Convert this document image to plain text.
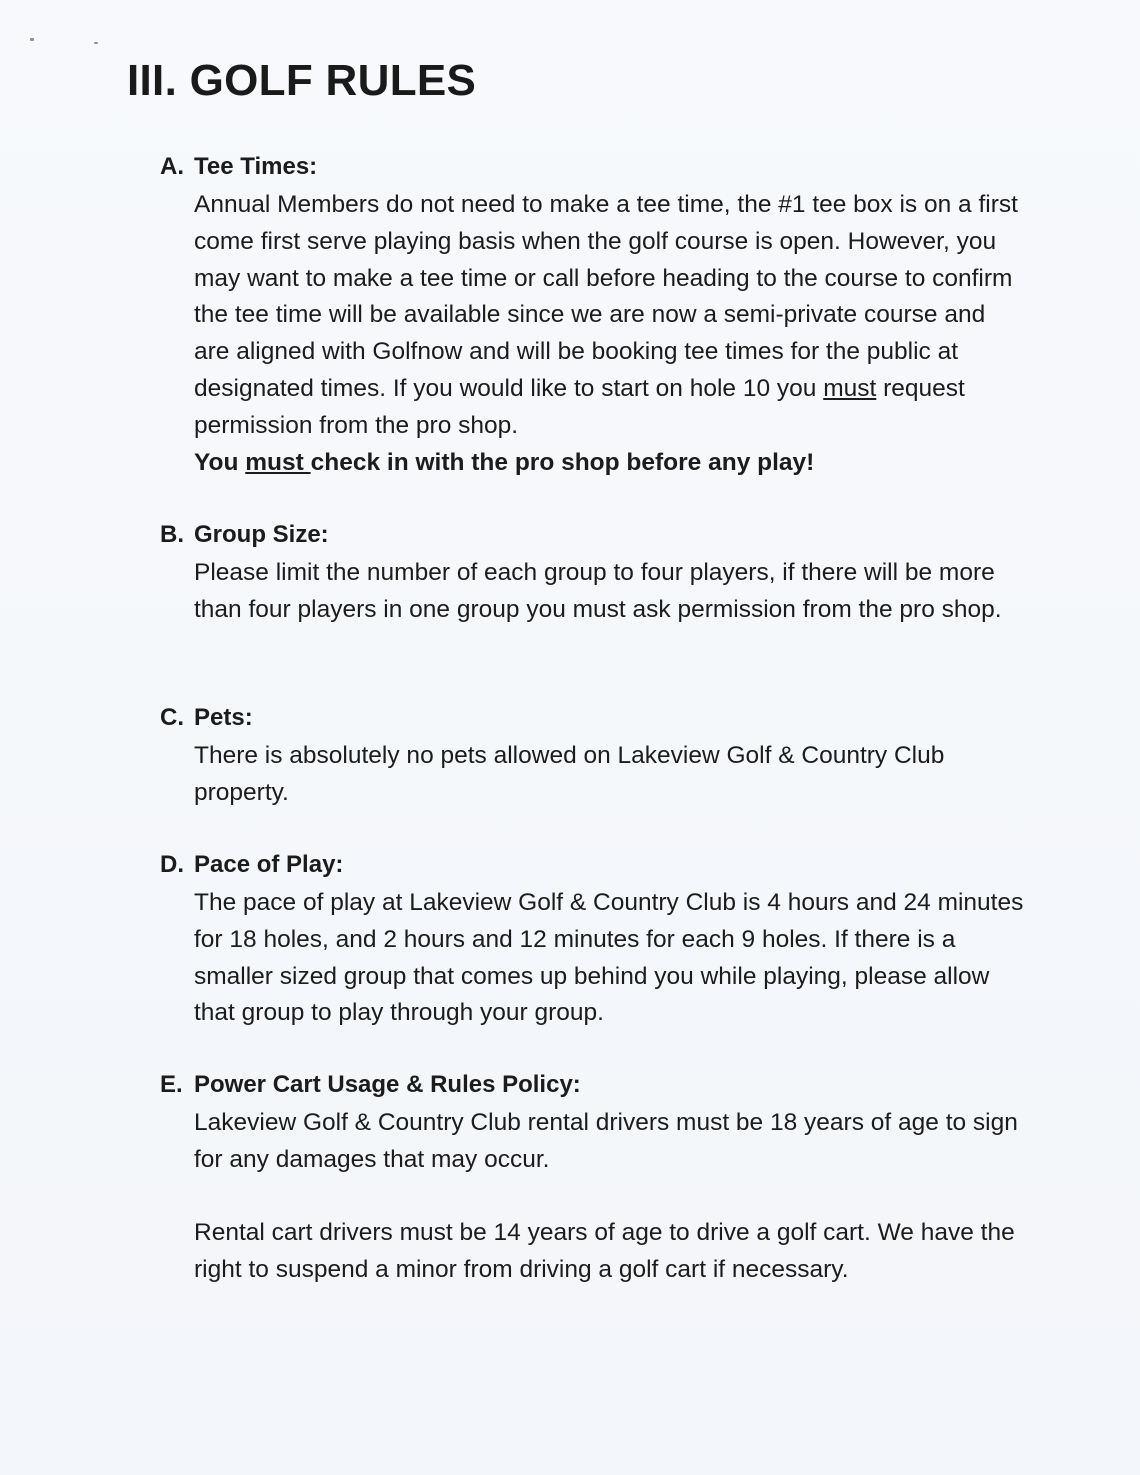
III. GOLF RULES
A. Tee Times:

Annual Members do not need to make a tee time, the #1 tee box is on a first come first serve playing basis when the golf course is open. However, you may want to make a tee time or call before heading to the course to confirm the tee time will be available since we are now a semi-private course and are aligned with Golfnow and will be booking tee times for the public at designated times. If you would like to start on hole 10 you must request permission from the pro shop.

You must check in with the pro shop before any play!

B. Group Size:

Please limit the number of each group to four players, if there will be more than four players in one group you must ask permission from the pro shop.

C. Pets:

There is absolutely no pets allowed on Lakeview Golf & Country Club property.

D. Pace of Play:

The pace of play at Lakeview Golf & Country Club is 4 hours and 24 minutes for 18 holes, and 2 hours and 12 minutes for each 9 holes. If there is a smaller sized group that comes up behind you while playing, please allow that group to play through your group.

E. Power Cart Usage & Rules Policy:

Lakeview Golf & Country Club rental drivers must be 18 years of age to sign for any damages that may occur.

Rental cart drivers must be 14 years of age to drive a golf cart. We have the right to suspend a minor from driving a golf cart if necessary.
